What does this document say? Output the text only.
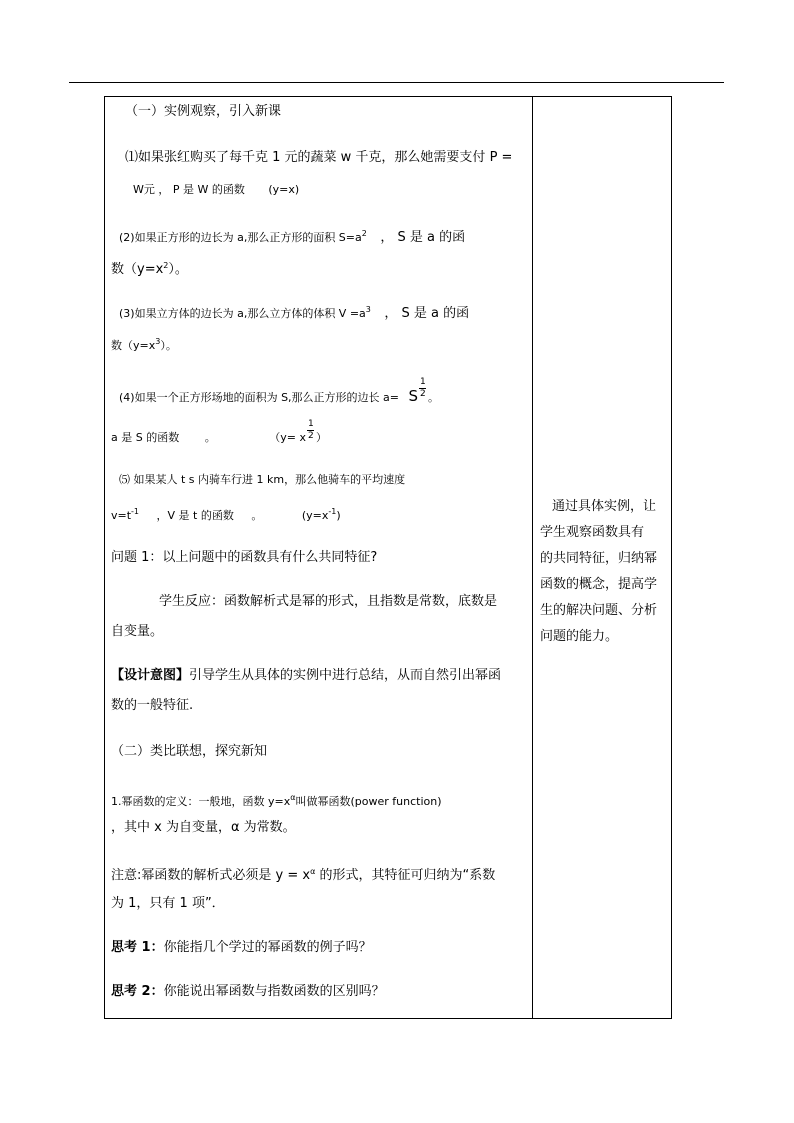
（一）实例观察，引入新课
⑴如果张红购买了每千克 1 元的蔬菜 w 千克，那么她需要支付 P =
W元 ， P 是 W 的函数 (y=x)
(2)如果正方形的边长为 a,那么正方形的面积 $S=a^2$ ， S 是 a 的函
数$(y=x^2)$。
(3)如果立方体的边长为 a,那么立方体的体积 $V =a^3$ ， S 是 a 的函
数$(y=x^3)$。
(4)如果一个正方形场地的面积为 S,那么正方形的边长 a= S $\frac{1}{2}$ 。
a 是 S 的函数 。	（y= x $\frac{1}{2}$ ）
⑸ 如果某人 t s 内骑车行进 1 km，那么他骑车的平均速度
$v=t^{-1}$ ，V 是 t 的函数 。	$(y=x^{-1})$
问题 1：以上问题中的函数具有什么共同特征?
学生反应：函数解析式是幂的形式，且指数是常数，底数是
自变量。
【设计意图】引导学生从具体的实例中进行总结，从而自然引出幂函
数的一般特征.
（二）类比联想，探究新知
1.幂函数的定义：一般地，函数 $y=x^\alpha$叫做幂函数(power function)
，其中 x 为自变量，α 为常数。
注意:幂函数的解析式必须是 $y = x^\alpha$ 的形式，其特征可归纳为“系数
为 1，只有 1 项”．
思考 1：你能指几个学过的幂函数的例子吗？
思考 2：你能说出幂函数与指数函数的区别吗？
通过具体实例，让
学生观察函数具有
的共同特征，归纳幂
函数的概念，提高学
生的解决问题、分析
问题的能力。
